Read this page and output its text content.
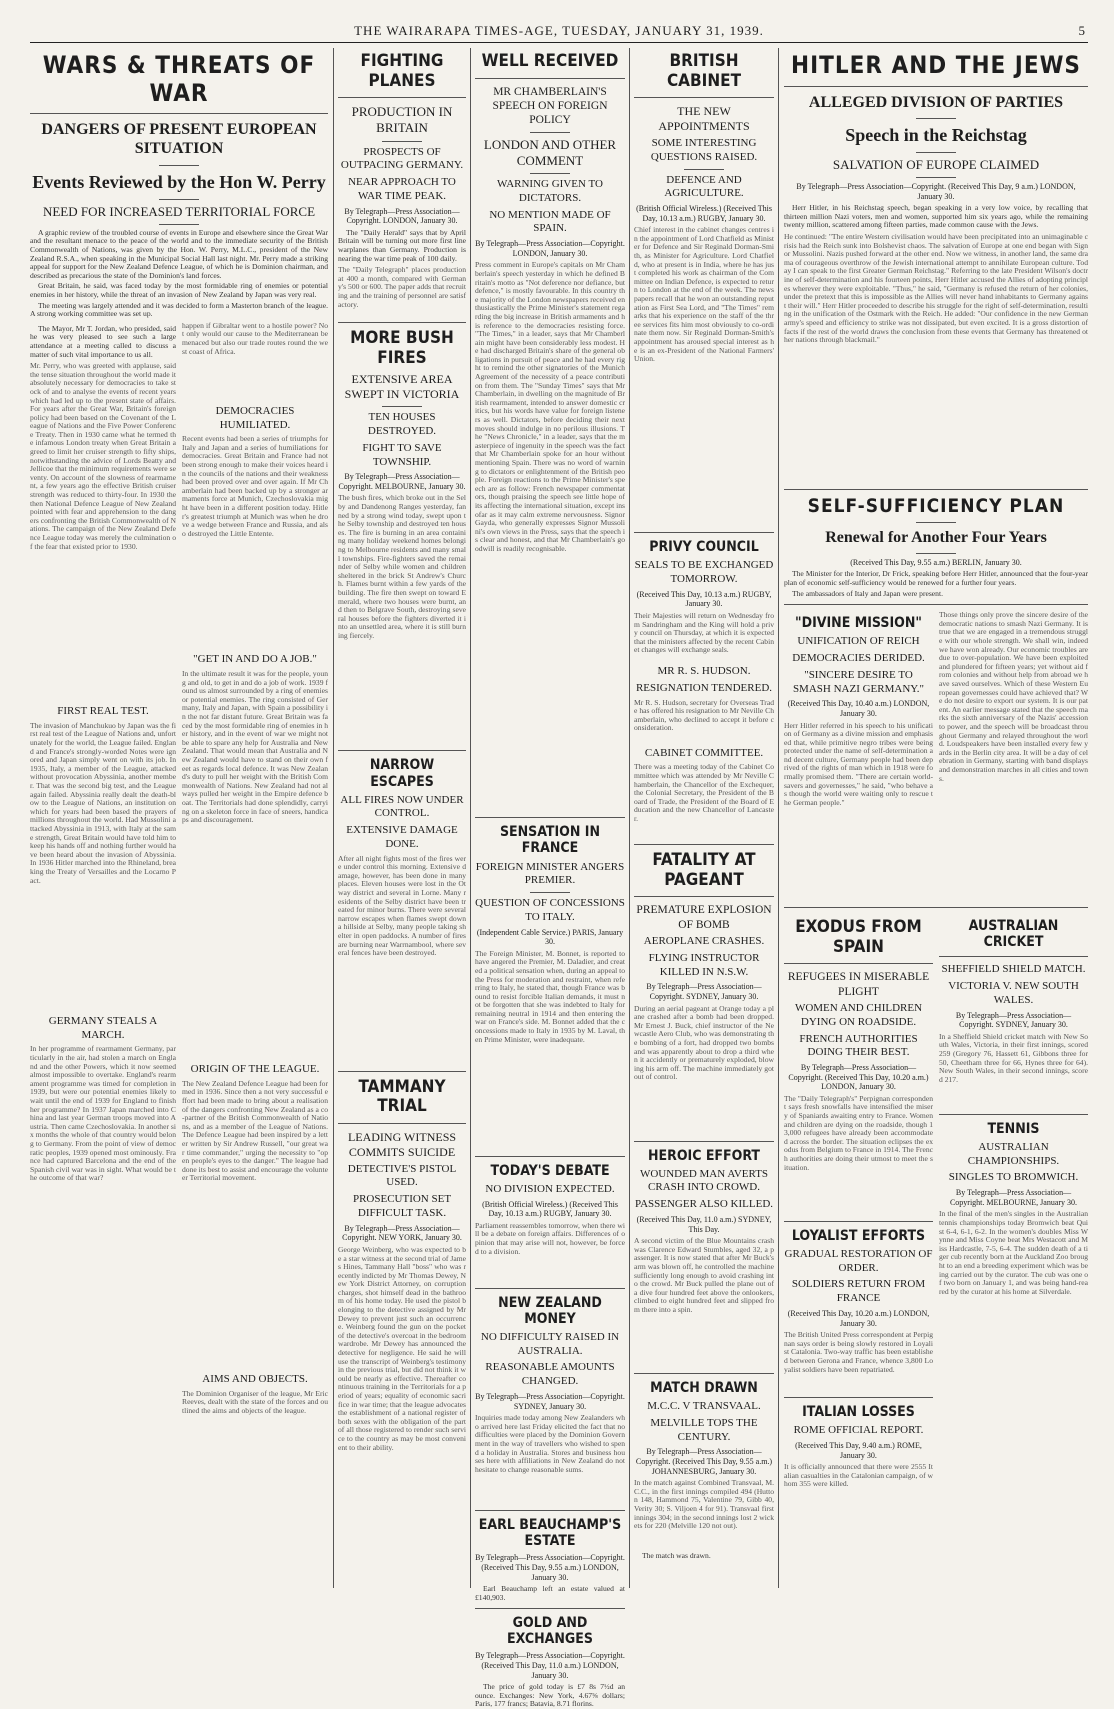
THE WAIRARAPA TIMES-AGE, TUESDAY, JANUARY 31, 1939.	5
WARS & THREATS OF WAR
DANGERS OF PRESENT EUROPEAN SITUATION
Events Reviewed by the Hon W. Perry
NEED FOR INCREASED TERRITORIAL FORCE

A graphic review of the troubled course of events in Europe and elsewhere since the Great War and the resultant menace to the peace of the world and to the immediate security of the British Commonwealth of Nations, was given by the Hon. W. Perry, M.L.C., president of the New Zealand R.S.A., when speaking in the Municipal Social Hall last night. Mr. Perry made a striking appeal for support for the New Zealand Defence League, of which he is Dominion chairman, and described as precarious the state of the Dominion's land forces.

Great Britain, he said, was faced today by the most formidable ring of enemies or potential enemies in her history, while the threat of an invasion of New Zealand by Japan was very real.

The meeting was largely attended and it was decided to form a Masterton branch of the league. A strong working committee was set up.

The Mayor, Mr T. Jordan, who presided, said he was very pleased to see such a large attendance at a meeting called to discuss a matter of such vital importance to us all.

Mr. Perry, who was greeted with applause, said the tense situation throughout the world made it absolutely necessary for democracies to take stock of and to analyse the events of recent years which had led up to the present state of affairs. For years after the Great War, Britain's foreign policy had been based on the Covenant of the League of Nations and the Five Power Conference Treaty. Then in 1930 came what he termed the infamous London treaty when Great Britain agreed to limit her cruiser strength to fifty ships, notwithstanding the advice of Lords Beatty and Jellicoe that the minimum requirements were seventy. On account of the slowness of rearmament, a few years ago the effective British cruiser strength was reduced to thirty-four. In 1930 the then National Defence League of New Zealand pointed with fear and apprehension to the dangers confronting the British Commonwealth of Nations. The campaign of the New Zealand Defence League today was merely the culmination of the fear that existed prior to 1930.
FIRST REAL TEST.
The invasion of Manchukuo by Japan was the first real test of the League of Nations and, unfortunately for the world, the League failed. England and France's strongly-worded Notes were ignored and Japan simply went on with its job. In 1935, Italy, a member of the League, attacked without provocation Abyssinia, another member. That was the second big test, and the League again failed. Abyssinia really dealt the death-blow to the League of Nations, an institution on which for years had been based the prayers of millions throughout the world. Had Mussolini attacked Abyssinia in 1913, with Italy at the same strength, Great Britain would have told him to keep his hands off and nothing further would have been heard about the invasion of Abyssinia. In 1936 Hitler marched into the Rhineland, breaking the Treaty of Versailles and the Locarno Pact.
GERMANY STEALS A MARCH.
In her programme of rearmament Germany, particularly in the air, had stolen a march on England and the other Powers, which it now seemed almost impossible to overtake. England's rearmament programme was timed for completion in 1939, but were our potential enemies likely to wait until the end of 1939 for England to finish her programme? In 1937 Japan marched into China and last year German troops moved into Austria. Then came Czechoslovakia. In another six months the whole of that country would belong to Germany. From the point of view of democratic peoples, 1939 opened most ominously. France had captured Barcelona and the end of the Spanish civil war was in sight. What would be the outcome of that war?
happen if Gibraltar went to a hostile power? Not only would our cause to the Mediterranean be menaced but also our trade routes round the west coast of Africa.
DEMOCRACIES HUMILIATED.
Recent events had been a series of triumphs for Italy and Japan and a series of humiliations for democracies. Great Britain and France had not been strong enough to make their voices heard in the councils of the nations and their weakness had been proved over and over again. If Mr Chamberlain had been backed up by a stronger armaments force at Munich, Czechoslovakia might have been in a different position today. Hitler's greatest triumph at Munich was when he drove a wedge between France and Russia, and also destroyed the Little Entente.
"GET IN AND DO A JOB."
In the ultimate result it was for the people, young and old, to get in and do a job of work. 1939 found us almost surrounded by a ring of enemies or potential enemies. The ring consisted of Germany, Italy and Japan, with Spain a possibility in the not far distant future. Great Britain was faced by the most formidable ring of enemies in her history, and in the event of war we might not be able to spare any help for Australia and New Zealand. That would mean that Australia and New Zealand would have to stand on their own feet as regards local defence. It was New Zealand's duty to pull her weight with the British Commonwealth of Nations. New Zealand had not always pulled her weight in the Empire defence boat. The Territorials had done splendidly, carrying on a skeleton force in face of sneers, handicaps and discouragement.
ORIGIN OF THE LEAGUE.
The New Zealand Defence League had been formed in 1936. Since then a not very successful effort had been made to bring about a realisation of the dangers confronting New Zealand as a co-partner of the British Commonwealth of Nations, and as a member of the League of Nations. The Defence League had been inspired by a letter written by Sir Andrew Russell, "our great war time commander," urging the necessity to "open people's eyes to the danger." The league had done its best to assist and encourage the volunteer Territorial movement.
AIMS AND OBJECTS.
The Dominion Organiser of the league, Mr Eric Reeves, dealt with the state of the forces and outlined the aims and objects of the league.
FIGHTING PLANES
PRODUCTION IN BRITAIN
PROSPECTS OF OUTPACING GERMANY.
NEAR APPROACH TO WAR TIME PEAK.
By Telegraph—Press Association—Copyright. LONDON, January 30.

The "Daily Herald" says that by April Britain will be turning out more first line warplanes than Germany. Production is nearing the war time peak of 100 daily.

The "Daily Telegraph" places production at 400 a month, compared with Germany's 500 or 600. The paper adds that recruiting and the training of personnel are satisfactory.
MORE BUSH FIRES
EXTENSIVE AREA SWEPT IN VICTORIA
TEN HOUSES DESTROYED.
FIGHT TO SAVE TOWNSHIP.
By Telegraph—Press Association—Copyright. MELBOURNE, January 30.
The bush fires, which broke out in the Selby and Dandenong Ranges yesterday, fanned by a strong wind today, swept upon the Selby township and destroyed ten houses. The fire is burning in an area containing many holiday weekend homes belonging to Melbourne residents and many small townships. Fire-fighters saved the remainder of Selby while women and children sheltered in the brick St Andrew's Church. Flames burnt within a few yards of the building. The fire then swept on toward Emerald, where two houses were burnt, and then to Belgrave South, destroying several houses before the fighters diverted it into an unsettled area, where it is still burning fiercely.
NARROW ESCAPES
ALL FIRES NOW UNDER CONTROL.
EXTENSIVE DAMAGE DONE.
After all night fights most of the fires were under control this morning. Extensive damage, however, has been done in many places. Eleven houses were lost in the Otway district and several in Lorne. Many residents of the Selby district have been treated for minor burns. There were several narrow escapes when flames swept down a hillside at Selby, many people taking shelter in open paddocks. A number of fires are burning near Warrnambool, where several fences have been destroyed.
TAMMANY TRIAL
LEADING WITNESS COMMITS SUICIDE
DETECTIVE'S PISTOL USED.
PROSECUTION SET DIFFICULT TASK.
By Telegraph—Press Association—Copyright. NEW YORK, January 30.
George Weinberg, who was expected to be a star witness at the second trial of James Hines, Tammany Hall "boss" who was recently indicted by Mr Thomas Dewey, New York District Attorney, on corruption charges, shot himself dead in the bathroom of his home today. He used the pistol belonging to the detective assigned by Mr Dewey to prevent just such an occurrence. Weinberg found the gun on the pocket of the detective's overcoat in the bedroom wardrobe. Mr Dewey has announced the detective for negligence. He said he will use the transcript of Weinberg's testimony in the previous trial, but did not think it would be nearly as effective. Thereafter continuous training in the Territorials for a period of years; equality of economic sacrifice in war time; that the league advocates the establishment of a national register of both sexes with the obligation of the part of all those registered to render such service to the country as may be most convenient to their ability.
WELL RECEIVED
MR CHAMBERLAIN'S SPEECH ON FOREIGN POLICY
LONDON AND OTHER COMMENT
WARNING GIVEN TO DICTATORS.
NO MENTION MADE OF SPAIN.
By Telegraph—Press Association—Copyright. LONDON, January 30.
Press comment in Europe's capitals on Mr Chamberlain's speech yesterday in which he defined Britain's motto as "Not deference nor defiance, but defence," is mostly favourable. In this country the majority of the London newspapers received enthusiastically the Prime Minister's statement regarding the big increase in British armaments and his reference to the democracies resisting force. "The Times," in a leader, says that Mr Chamberlain might have been considerably less modest. He had discharged Britain's share of the general obligations in pursuit of peace and he had every right to remind the other signatories of the Munich Agreement of the necessity of a peace contribution from them. The "Sunday Times" says that Mr Chamberlain, in dwelling on the magnitude of British rearmament, intended to answer domestic critics, but his words have value for foreign listeners as well. Dictators, before deciding their next moves should indulge in no perilous illusions. The "News Chronicle," in a leader, says that the masterpiece of ingenuity in the speech was the fact that Mr Chamberlain spoke for an hour without mentioning Spain. There was no word of warning to dictators or enlightenment of the British people. Foreign reactions to the Prime Minister's speech are as follow: French newspaper commentators, though praising the speech see little hope of its affecting the international situation, except insofar as it may calm extreme nervousness. Signor Gayda, who generally expresses Signor Mussolini's own views in the Press, says that the speech is clear and honest, and that Mr Chamberlain's goodwill is readily recognisable.
SENSATION IN FRANCE
FOREIGN MINISTER ANGERS PREMIER.
QUESTION OF CONCESSIONS TO ITALY.
(Independent Cable Service.) PARIS, January 30.
The Foreign Minister, M. Bonnet, is reported to have angered the Premier, M. Daladier, and created a political sensation when, during an appeal to the Press for moderation and restraint, when referring to Italy, he stated that, though France was bound to resist forcible Italian demands, it must not be forgotten that she was indebted to Italy for remaining neutral in 1914 and then entering the war on France's side. M. Bonnet added that the concessions made to Italy in 1935 by M. Laval, then Prime Minister, were inadequate.
TODAY'S DEBATE
NO DIVISION EXPECTED.
(British Official Wireless.) (Received This Day, 10.13 a.m.) RUGBY, January 30.
Parliament reassembles tomorrow, when there will be a debate on foreign affairs. Differences of opinion that may arise will not, however, be forced to a division.
NEW ZEALAND MONEY
NO DIFFICULTY RAISED IN AUSTRALIA.
REASONABLE AMOUNTS CHANGED.
By Telegraph—Press Association—Copyright. SYDNEY, January 30.
Inquiries made today among New Zealanders who arrived here last Friday elicited the fact that no difficulties were placed by the Dominion Government in the way of travellers who wished to spend a holiday in Australia. Stores and business houses here with affiliations in New Zealand do not hesitate to change reasonable sums.
EARL BEAUCHAMP'S ESTATE
By Telegraph—Press Association—Copyright. (Received This Day, 9.55 a.m.) LONDON, January 30.

Earl Beauchamp left an estate valued at £140,903.

GOLD AND EXCHANGES
By Telegraph—Press Association—Copyright. (Received This Day, 11.0 a.m.) LONDON, January 30.

The price of gold today is £7 8s 7½d an ounce. Exchanges: New York, 4.67⅝ dollars; Paris, 177 francs; Batavia, 8.71 florins.

BRITISH CABINET
THE NEW APPOINTMENTS
SOME INTERESTING QUESTIONS RAISED.
DEFENCE AND AGRICULTURE.
(British Official Wireless.) (Received This Day, 10.13 a.m.) RUGBY, January 30.
Chief interest in the cabinet changes centres in the appointment of Lord Chatfield as Minister for Defence and Sir Reginald Dorman-Smith, as Minister for Agriculture. Lord Chatfield, who at present is in India, where he has just completed his work as chairman of the Committee on Indian Defence, is expected to return to London at the end of the week. The newspapers recall that he won an outstanding reputation as First Sea Lord, and "The Times" remarks that his experience on the staff of the three services fits him most obviously to co-ordinate them now. Sir Reginald Dorman-Smith's appointment has aroused special interest as he is an ex-President of the National Farmers' Union.
PRIVY COUNCIL
SEALS TO BE EXCHANGED TOMORROW.
(Received This Day, 10.13 a.m.) RUGBY, January 30.
Their Majesties will return on Wednesday from Sandringham and the King will hold a privy council on Thursday, at which it is expected that the ministers affected by the recent Cabinet changes will exchange seals.
MR R. S. HUDSON.
RESIGNATION TENDERED.
Mr R. S. Hudson, secretary for Overseas Trade has offered his resignation to Mr Neville Chamberlain, who declined to accept it before consideration.
CABINET COMMITTEE.
There was a meeting today of the Cabinet Committee which was attended by Mr Neville Chamberlain, the Chancellor of the Exchequer, the Colonial Secretary, the President of the Board of Trade, the President of the Board of Education and the new Chancellor of Lancaster.
FATALITY AT PAGEANT
PREMATURE EXPLOSION OF BOMB
AEROPLANE CRASHES.
FLYING INSTRUCTOR KILLED IN N.S.W.
By Telegraph—Press Association—Copyright. SYDNEY, January 30.
During an aerial pageant at Orange today a plane crashed after a bomb had been dropped. Mr Ernest J. Buck, chief instructor of the Newcastle Aero Club, who was demonstrating the bombing of a fort, had dropped two bombs and was apparently about to drop a third when it accidently or prematurely exploded, blowing his arm off. The machine immediately got out of control.
HEROIC EFFORT
WOUNDED MAN AVERTS CRASH INTO CROWD.
PASSENGER ALSO KILLED.
(Received This Day, 11.0 a.m.) SYDNEY, This Day.
A second victim of the Blue Mountains crash was Clarence Edward Stumbles, aged 32, a passenger. It is now stated that after Mr Buck's arm was blown off, he controlled the machine sufficiently long enough to avoid crashing into the crowd. Mr Buck pulled the plane out of a dive four hundred feet above the onlookers, climbed to eight hundred feet and slipped from there into a spin.
MATCH DRAWN
M.C.C. V TRANSVAAL.
MELVILLE TOPS THE CENTURY.
By Telegraph—Press Association—Copyright. (Received This Day, 9.55 a.m.) JOHANNESBURG, January 30.
In the match against Combined Transvaal, M.C.C., in the first innings compiled 494 (Hutton 148, Hammond 75, Valentine 79, Gibb 40, Verity 30; S. Viljoen 4 for 91). Transvaal first innings 304; in the second innings lost 2 wickets for 220 (Melville 120 not out).

The match was drawn.

HITLER AND THE JEWS
ALLEGED DIVISION OF PARTIES
Speech in the Reichstag
SALVATION OF EUROPE CLAIMED
By Telegraph—Press Association—Copyright. (Received This Day, 9 a.m.) LONDON, January 30.

Herr Hitler, in his Reichstag speech, began speaking in a very low voice, by recalling that thirteen million Nazi voters, men and women, supported him six years ago, while the remaining twenty million, scattered among fifteen parties, made common cause with the Jews.

He continued: "The entire Western civilisation would have been precipitated into an unimaginable crisis had the Reich sunk into Bolshevist chaos. The salvation of Europe at one end began with Signor Mussolini. Nazis pushed forward at the other end. Now we witness, in another land, the same drama of courageous overthrow of the Jewish international attempt to annihilate European culture. Today I can speak to the first Greater German Reichstag." Referring to the late President Wilson's doctrine of self-determination and his fourteen points, Herr Hitler accused the Allies of adopting principles wherever they were exploitable. "Thus," he said, "Germany is refused the return of her colonies, under the pretext that this is impossible as the Allies will never hand inhabitants to Germany against their will." Herr Hitler proceeded to describe his struggle for the right of self-determination, resulting in the unification of the Ostmark with the Reich. He added: "Our confidence in the new German army's speed and efficiency to strike was not dissipated, but even excited. It is a gross distortion of facts if the rest of the world draws the conclusion from these events that Germany has threatened other nations through blackmail."
SELF-SUFFICIENCY PLAN
Renewal for Another Four Years
(Received This Day, 9.55 a.m.) BERLIN, January 30.

The Minister for the Interior, Dr Frick, speaking before Herr Hitler, announced that the four-year plan of economic self-sufficiency would be renewed for a further four years.

The ambassadors of Italy and Japan were present.

"DIVINE MISSION"
UNIFICATION OF REICH
DEMOCRACIES DERIDED.
"SINCERE DESIRE TO SMASH NAZI GERMANY."
(Received This Day, 10.40 a.m.) LONDON, January 30.
Herr Hitler referred in his speech to his unification of Germany as a divine mission and emphasised that, while primitive negro tribes were being protected under the name of self-determination and decent culture, Germany people had been deprived of the rights of man which in 1918 were formally promised them. "There are certain world-savers and governesses," he said, "who behave as though the world were waiting only to rescue the German people."
Those things only prove the sincere desire of the democratic nations to smash Nazi Germany. It is true that we are engaged in a tremendous struggle with our whole strength. We shall win, indeed we have won already. Our economic troubles are due to over-population. We have been exploited and plundered for fifteen years; yet without aid from colonies and without help from abroad we have saved ourselves. Which of these Western European governesses could have achieved that? We do not desire to export our system. It is our patent. An earlier message stated that the speech marks the sixth anniversary of the Nazis' accession to power, and the speech will be broadcast throughout Germany and relayed throughout the world. Loudspeakers have been installed every few yards in the Berlin city area. It will be a day of celebration in Germany, starting with band displays and demonstration marches in all cities and towns.
EXODUS FROM SPAIN
REFUGEES IN MISERABLE PLIGHT
WOMEN AND CHILDREN DYING ON ROADSIDE.
FRENCH AUTHORITIES DOING THEIR BEST.
By Telegraph—Press Association—Copyright. (Received This Day, 10.20 a.m.) LONDON, January 30.
The "Daily Telegraph's" Perpignan correspondent says fresh snowfalls have intensified the misery of Spaniards awaiting entry to France. Women and children are dying on the roadside, though 13,000 refugees have already been accommodated across the border. The situation eclipses the exodus from Belgium to France in 1914. The French authorities are doing their utmost to meet the situation.
LOYALIST EFFORTS
GRADUAL RESTORATION OF ORDER.
SOLDIERS RETURN FROM FRANCE
(Received This Day, 10.20 a.m.) LONDON, January 30.
The British United Press correspondent at Perpignan says order is being slowly restored in Loyalist Catalonia. Two-way traffic has been established between Gerona and France, whence 3,800 Loyalist soldiers have been repatriated.
ITALIAN LOSSES
ROME OFFICIAL REPORT.
(Received This Day, 9.40 a.m.) ROME, January 30.
It is officially announced that there were 2555 Italian casualties in the Catalonian campaign, of whom 355 were killed.
AUSTRALIAN CRICKET
SHEFFIELD SHIELD MATCH.
VICTORIA V. NEW SOUTH WALES.
By Telegraph—Press Association—Copyright. SYDNEY, January 30.
In a Sheffield Shield cricket match with New South Wales, Victoria, in their first innings, scored 259 (Gregory 76, Hassett 61, Gibbons three for 50, Cheetham three for 66, Hynes three for 64). New South Wales, in their second innings, scored 217.
TENNIS
AUSTRALIAN CHAMPIONSHIPS.
SINGLES TO BROMWICH.
By Telegraph—Press Association—Copyright. MELBOURNE, January 30.
In the final of the men's singles in the Australian tennis championships today Bromwich beat Quist 6-4, 6-1, 6-2. In the women's doubles Miss Wynne and Miss Coyne beat Mrs Westacott and Miss Hardcastle, 7-5, 6-4. The sudden death of a tiger cub recently born at the Auckland Zoo brought to an end a breeding experiment which was being carried out by the curator. The cub was one of two born on January 1, and was being hand-reared by the curator at his home at Silverdale.
